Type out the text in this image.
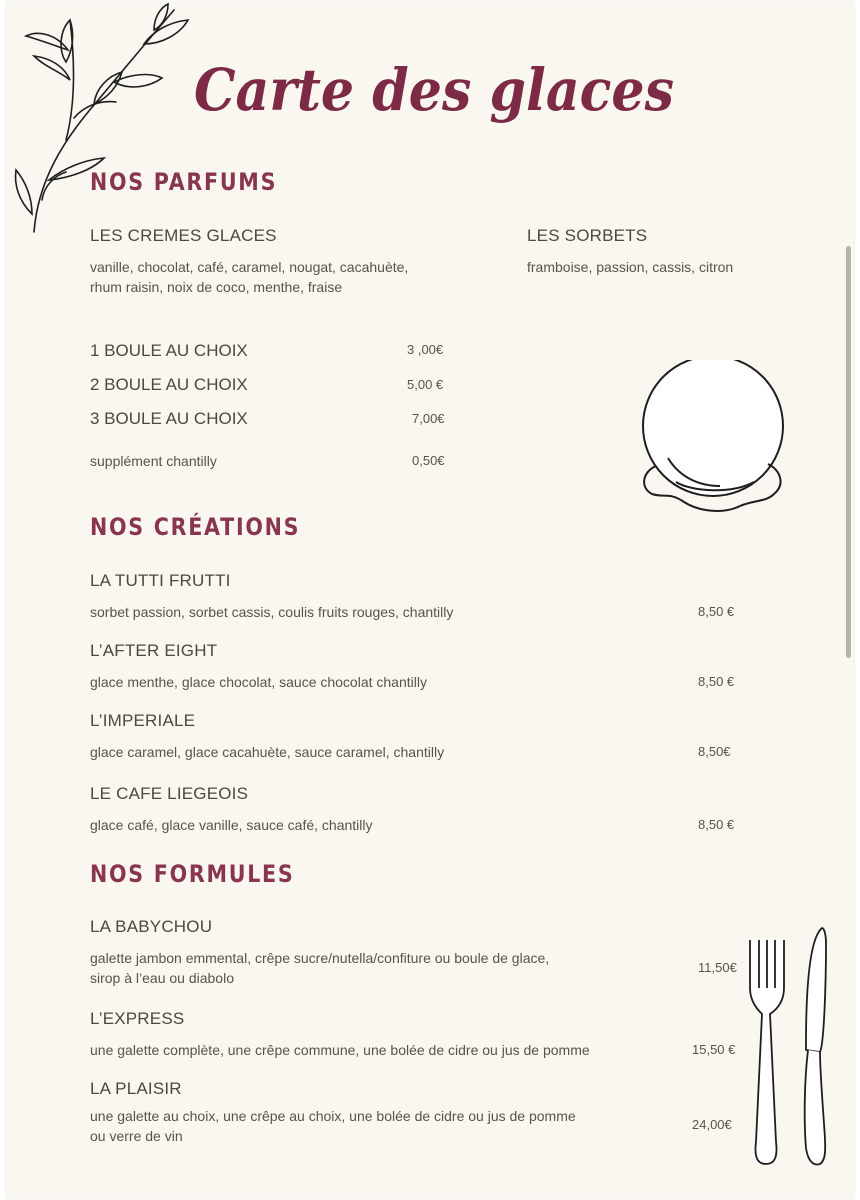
Carte des glaces
NOS PARFUMS
LES CREMES GLACES
vanille, chocolat, café, caramel, nougat, cacahuète,
rhum raisin, noix de coco, menthe, fraise
LES SORBETS
framboise, passion, cassis, citron
1 BOULE AU CHOIX	3 ,00€
2 BOULE AU CHOIX	5,00 €
3 BOULE AU CHOIX	7,00€
supplément chantilly	0,50€
NOS CRÉATIONS
LA TUTTI FRUTTI
sorbet passion, sorbet cassis, coulis fruits rouges, chantilly	8,50 €
L’AFTER EIGHT
glace menthe, glace chocolat, sauce chocolat chantilly	8,50 €
L’IMPERIALE
glace caramel, glace cacahuète, sauce caramel, chantilly	8,50€
LE CAFE LIEGEOIS
glace café, glace vanille, sauce café, chantilly	8,50 €
NOS FORMULES
LA BABYCHOU
galette jambon emmental, crêpe sucre/nutella/confiture ou boule de glace,
sirop à l’eau ou diabolo
11,50€
L’EXPRESS
une galette complète, une crêpe commune, une bolée de cidre ou jus de pomme	15,50 €
LA PLAISIR
une galette au choix, une crêpe au choix, une bolée de cidre ou jus de pomme
ou verre de vin
24,00€
